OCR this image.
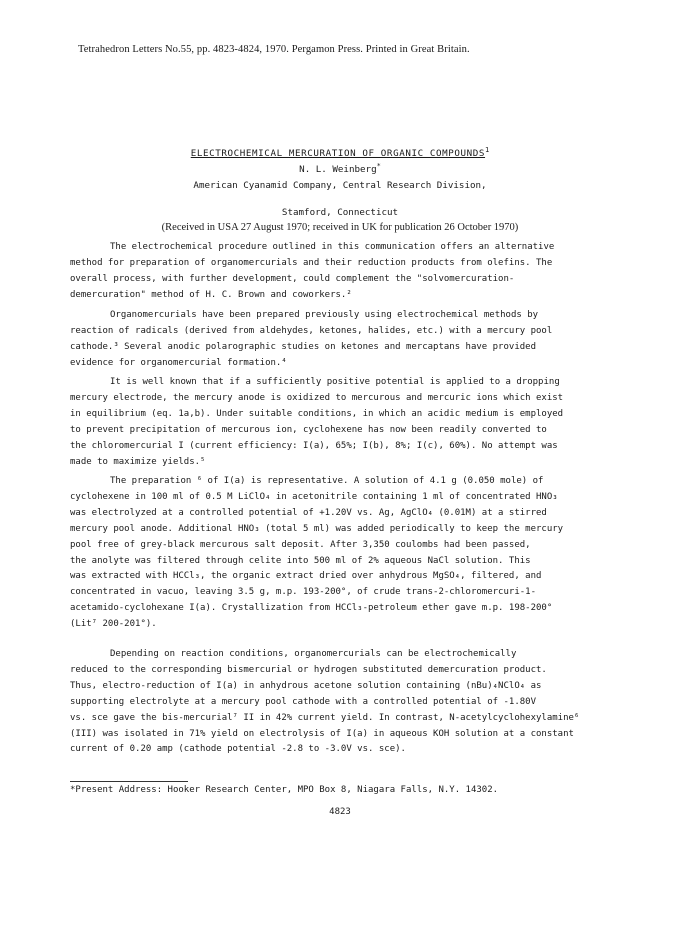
Tetrahedron Letters No.55, pp. 4823-4824, 1970. Pergamon Press. Printed in Great Britain.
ELECTROCHEMICAL MERCURATION OF ORGANIC COMPOUNDS$^1$
N. L. Weinberg*
American Cyanamid Company, Central Research Division,
Stamford, Connecticut
(Received in USA 27 August 1970; received in UK for publication 26 October 1970)

The electrochemical procedure outlined in this communication offers an alternative

method for preparation of organomercurials and their reduction products from olefins. The

overall process, with further development, could complement the "solvomercuration-

demercuration" method of H. C. Brown and coworkers.²

Organomercurials have been prepared previously using electrochemical methods by

reaction of radicals (derived from aldehydes, ketones, halides, etc.) with a mercury pool

cathode.³ Several anodic polarographic studies on ketones and mercaptans have provided

evidence for organomercurial formation.⁴

It is well known that if a sufficiently positive potential is applied to a dropping

mercury electrode, the mercury anode is oxidized to mercurous and mercuric ions which exist

in equilibrium (eq. 1a,b). Under suitable conditions, in which an acidic medium is employed

to prevent precipitation of mercurous ion, cyclohexene has now been readily converted to

the chloromercurial I (current efficiency: I(a), 65%; I(b), 8%; I(c), 60%). No attempt was

made to maximize yields.⁵

The preparation ⁶ of I(a) is representative. A solution of 4.1 g (0.050 mole) of

cyclohexene in 100 ml of 0.5 M LiClO₄ in acetonitrile containing 1 ml of concentrated HNO₃

was electrolyzed at a controlled potential of +1.20V vs. Ag, AgClO₄ (0.01M) at a stirred

mercury pool anode. Additional HNO₃ (total 5 ml) was added periodically to keep the mercury

pool free of grey-black mercurous salt deposit. After 3,350 coulombs had been passed,

the anolyte was filtered through celite into 500 ml of 2% aqueous NaCl solution. This

was extracted with HCCl₃, the organic extract dried over anhydrous MgSO₄, filtered, and

concentrated in vacuo, leaving 3.5 g, m.p. 193-200°, of crude trans-2-chloromercuri-1-

acetamido-cyclohexane I(a). Crystallization from HCCl₃-petroleum ether gave m.p. 198-200°

(Lit⁷ 200-201°).

Depending on reaction conditions, organomercurials can be electrochemically

reduced to the corresponding bismercurial or hydrogen substituted demercuration product.

Thus, electro-reduction of I(a) in anhydrous acetone solution containing (nBu)₄NClO₄ as

supporting electrolyte at a mercury pool cathode with a controlled potential of -1.80V

vs. sce gave the bis-mercurial⁷ II in 42% current yield. In contrast, N-acetylcyclohexylamine⁶

(III) was isolated in 71% yield on electrolysis of I(a) in aqueous KOH solution at a constant

current of 0.20 amp (cathode potential -2.8 to -3.0V vs. sce).

*Present Address: Hooker Research Center, MPO Box 8, Niagara Falls, N.Y. 14302.
4823
